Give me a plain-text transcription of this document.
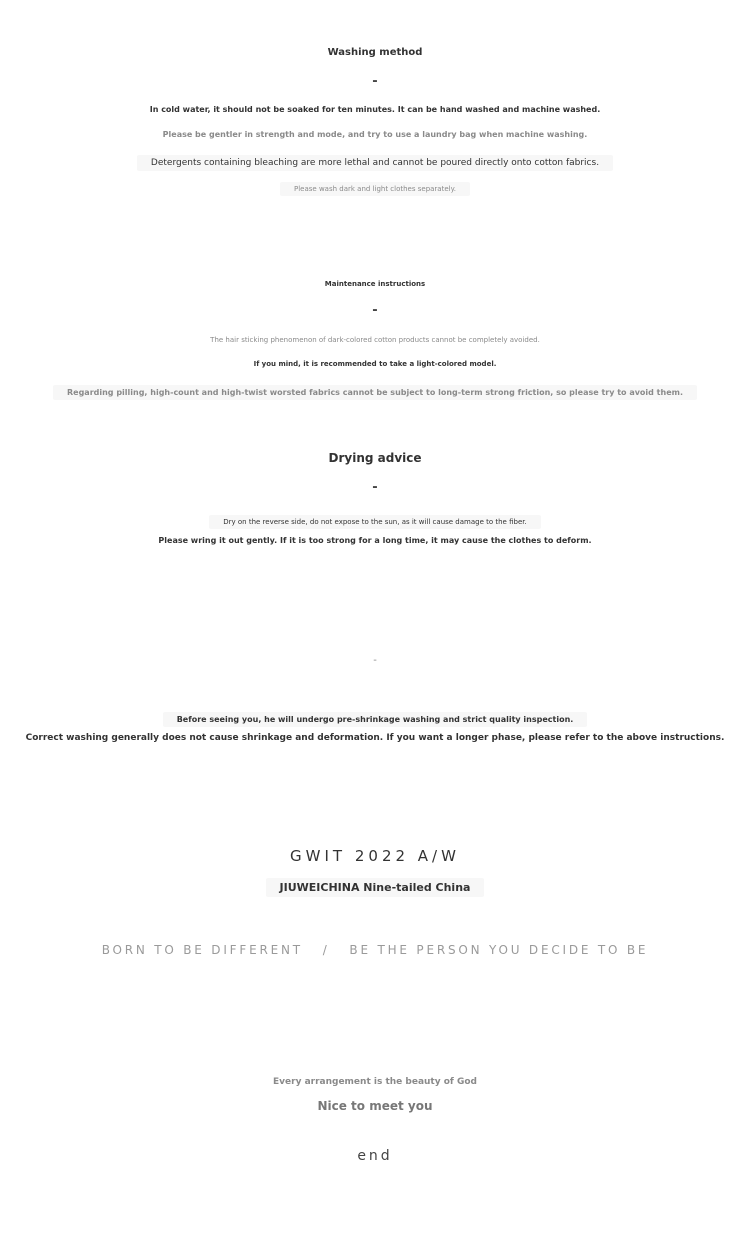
Washing method
-
In cold water, it should not be soaked for ten minutes. It can be hand washed and machine washed.
Please be gentler in strength and mode, and try to use a laundry bag when machine washing.
Detergents containing bleaching are more lethal and cannot be poured directly onto cotton fabrics.
Please wash dark and light clothes separately.
Maintenance instructions
-
The hair sticking phenomenon of dark-colored cotton products cannot be completely avoided.
If you mind, it is recommended to take a light-colored model.
Regarding pilling, high-count and high-twist worsted fabrics cannot be subject to long-term strong friction, so please try to avoid them.
Drying advice
-
Dry on the reverse side, do not expose to the sun, as it will cause damage to the fiber.
Please wring it out gently. If it is too strong for a long time, it may cause the clothes to deform.
-
Before seeing you, he will undergo pre-shrinkage washing and strict quality inspection.
Correct washing generally does not cause shrinkage and deformation. If you want a longer phase, please refer to the above instructions.
GWIT 2022 A/W
JIUWEICHINA Nine-tailed China
BORN TO BE DIFFERENT   /   BE THE PERSON YOU DECIDE TO BE
Every arrangement is the beauty of God
Nice to meet you
end
